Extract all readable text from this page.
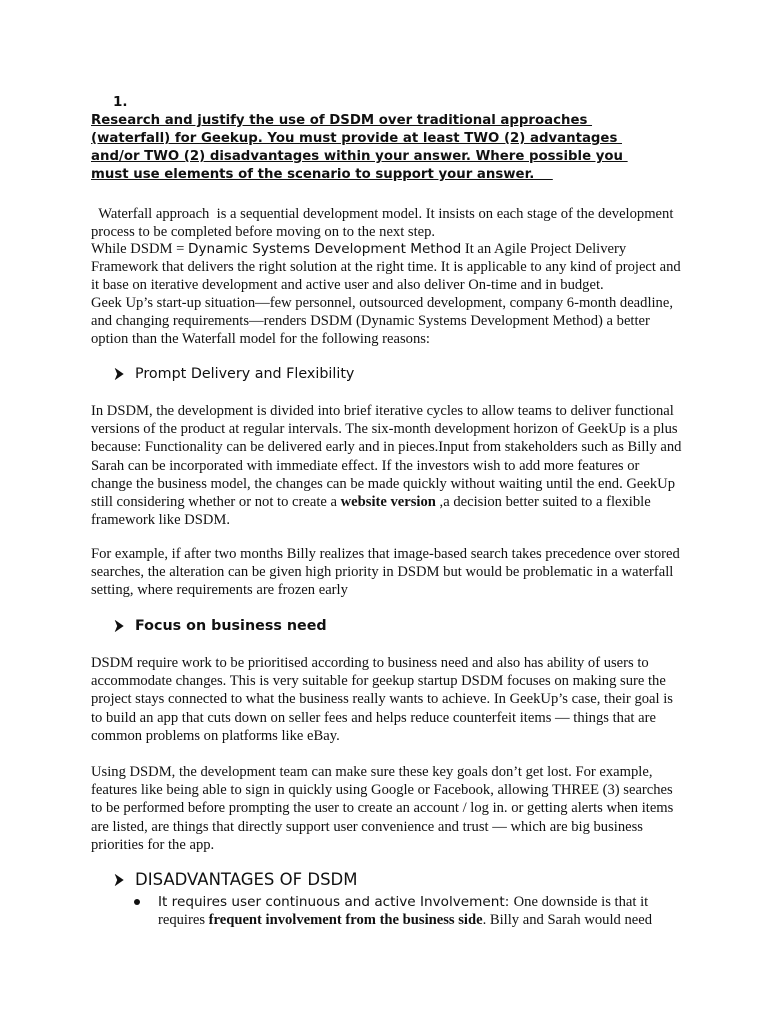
1.
Research and justify the use of DSDM over traditional approaches
(waterfall) for Geekup. You must provide at least TWO (2) advantages
and/or TWO (2) disadvantages within your answer. Where possible you
must use elements of the scenario to support your answer.

Waterfall approach  is a sequential development model. It insists on each stage of the development process to be completed before moving on to the next step.

While DSDM = Dynamic Systems Development Method It an Agile Project Delivery Framework that delivers the right solution at the right time. It is applicable to any kind of project and it base on iterative development and active user and also deliver On-time and in budget.

Geek Up’s start-up situation—few personnel, outsourced development, company 6-month deadline, and changing requirements—renders DSDM (Dynamic Systems Development Method) a better option than the Waterfall model for the following reasons:

Prompt Delivery and Flexibility

In DSDM, the development is divided into brief iterative cycles to allow teams to deliver functional versions of the product at regular intervals. The six-month development horizon of GeekUp is a plus because: Functionality can be delivered early and in pieces.Input from stakeholders such as Billy and Sarah can be incorporated with immediate effect. If the investors wish to add more features or change the business model, the changes can be made quickly without waiting until the end. GeekUp still considering whether or not to create a website version ,a decision better suited to a flexible framework like DSDM.

For example, if after two months Billy realizes that image-based search takes precedence over stored searches, the alteration can be given high priority in DSDM but would be problematic in a waterfall setting, where requirements are frozen early

Focus on business need

DSDM require work to be prioritised according to business need and also has ability of users to accommodate changes. This is very suitable for geekup startup DSDM focuses on making sure the project stays connected to what the business really wants to achieve. In GeekUp’s case, their goal is to build an app that cuts down on seller fees and helps reduce counterfeit items — things that are common problems on platforms like eBay.

Using DSDM, the development team can make sure these key goals don’t get lost. For example, features like being able to sign in quickly using Google or Facebook, allowing THREE (3) searches to be performed before prompting the user to create an account / log in. or getting alerts when items are listed, are things that directly support user convenience and trust — which are big business priorities for the app.

DISADVANTAGES OF DSDM

It requires user continuous and active Involvement: One downside is that it requires frequent involvement from the business side. Billy and Sarah would need
